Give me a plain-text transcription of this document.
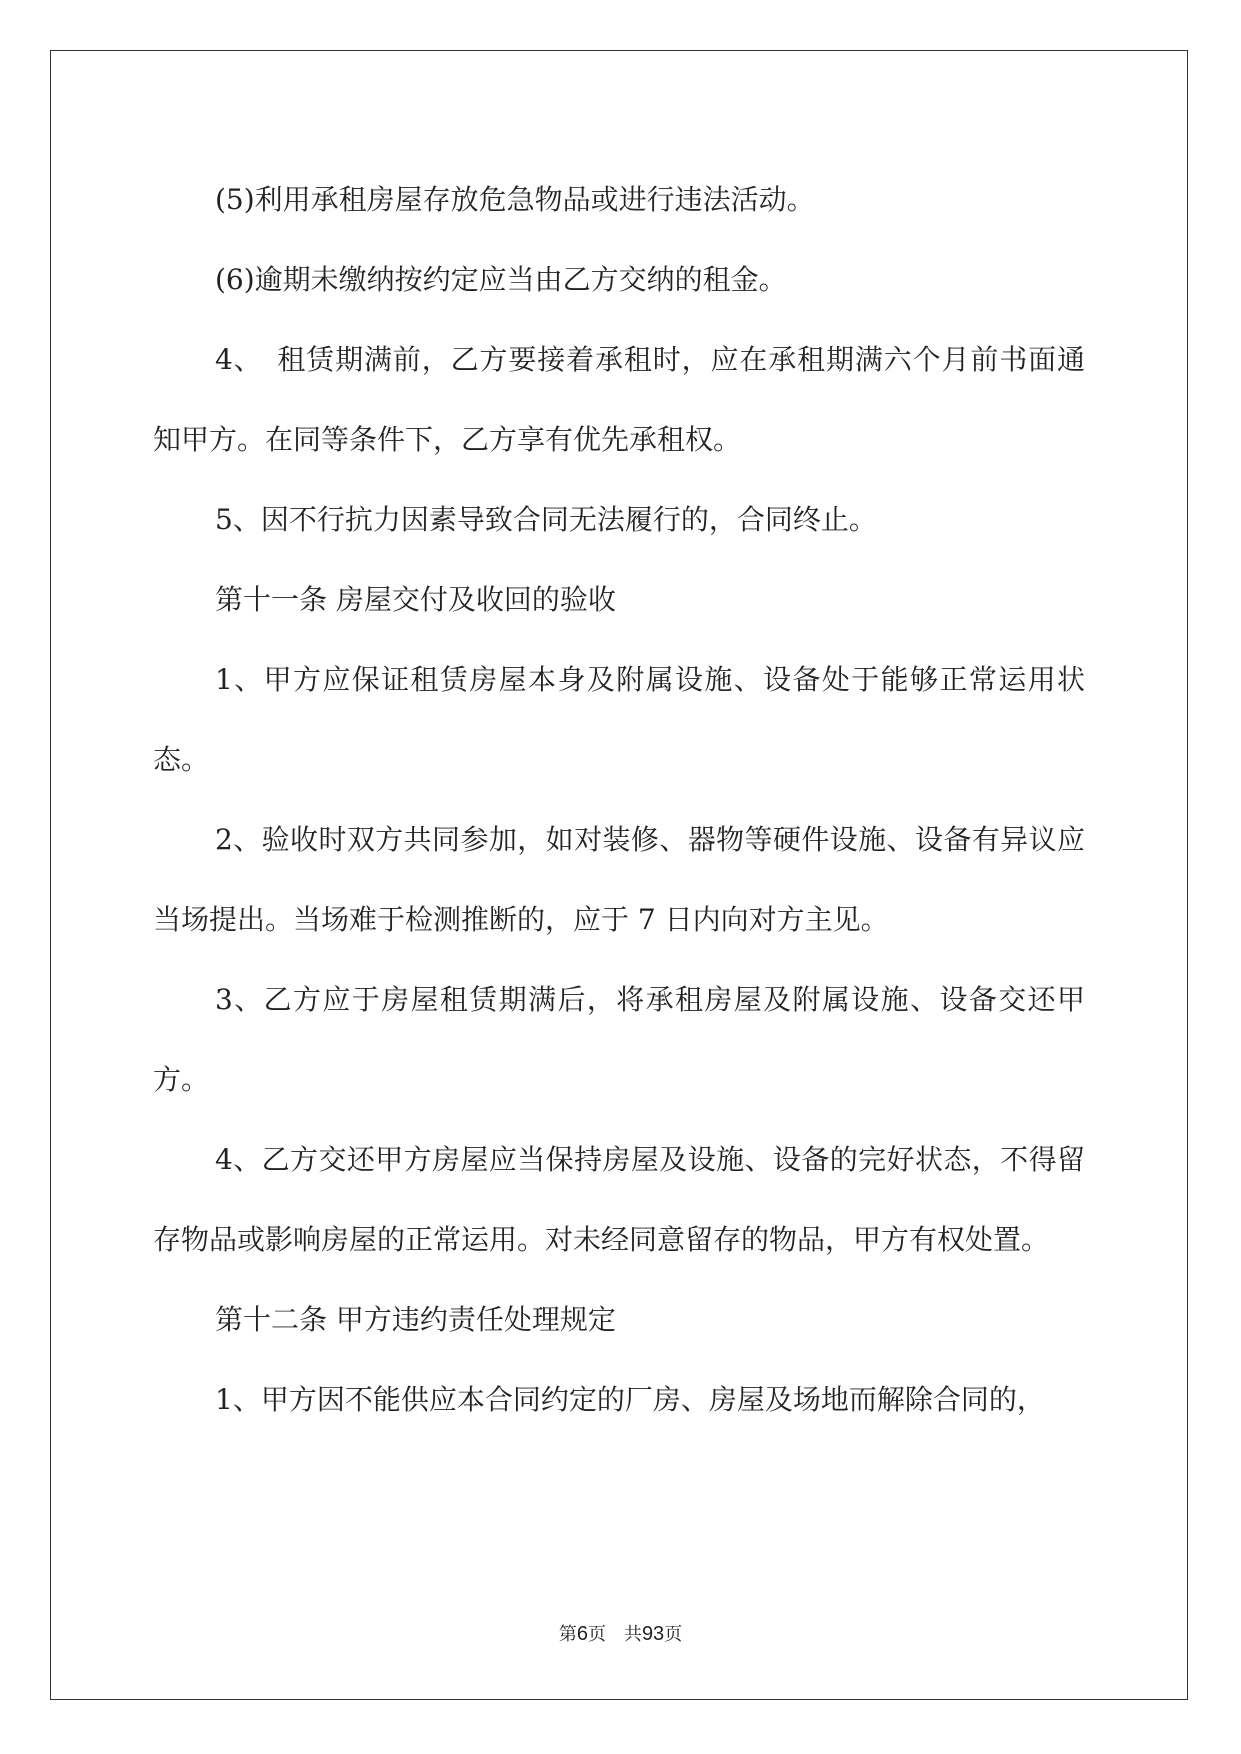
(5)利用承租房屋存放危急物品或进行违法活动。

(6)逾期未缴纳按约定应当由乙方交纳的租金。

4、　租赁期满前，乙方要接着承租时，应在承租期满六个月前书面通知甲方。在同等条件下，乙方享有优先承租权。

5、因不行抗力因素导致合同无法履行的，合同终止。

第十一条 房屋交付及收回的验收

1、甲方应保证租赁房屋本身及附属设施、设备处于能够正常运用状态。

2、验收时双方共同参加，如对装修、器物等硬件设施、设备有异议应当场提出。当场难于检测推断的，应于 7 日内向对方主见。

3、乙方应于房屋租赁期满后，将承租房屋及附属设施、设备交还甲方。

4、乙方交还甲方房屋应当保持房屋及设施、设备的完好状态，不得留存物品或影响房屋的正常运用。对未经同意留存的物品，甲方有权处置。

第十二条 甲方违约责任处理规定

1、甲方因不能供应本合同约定的厂房、房屋及场地而解除合同的，

第6页　共93页
